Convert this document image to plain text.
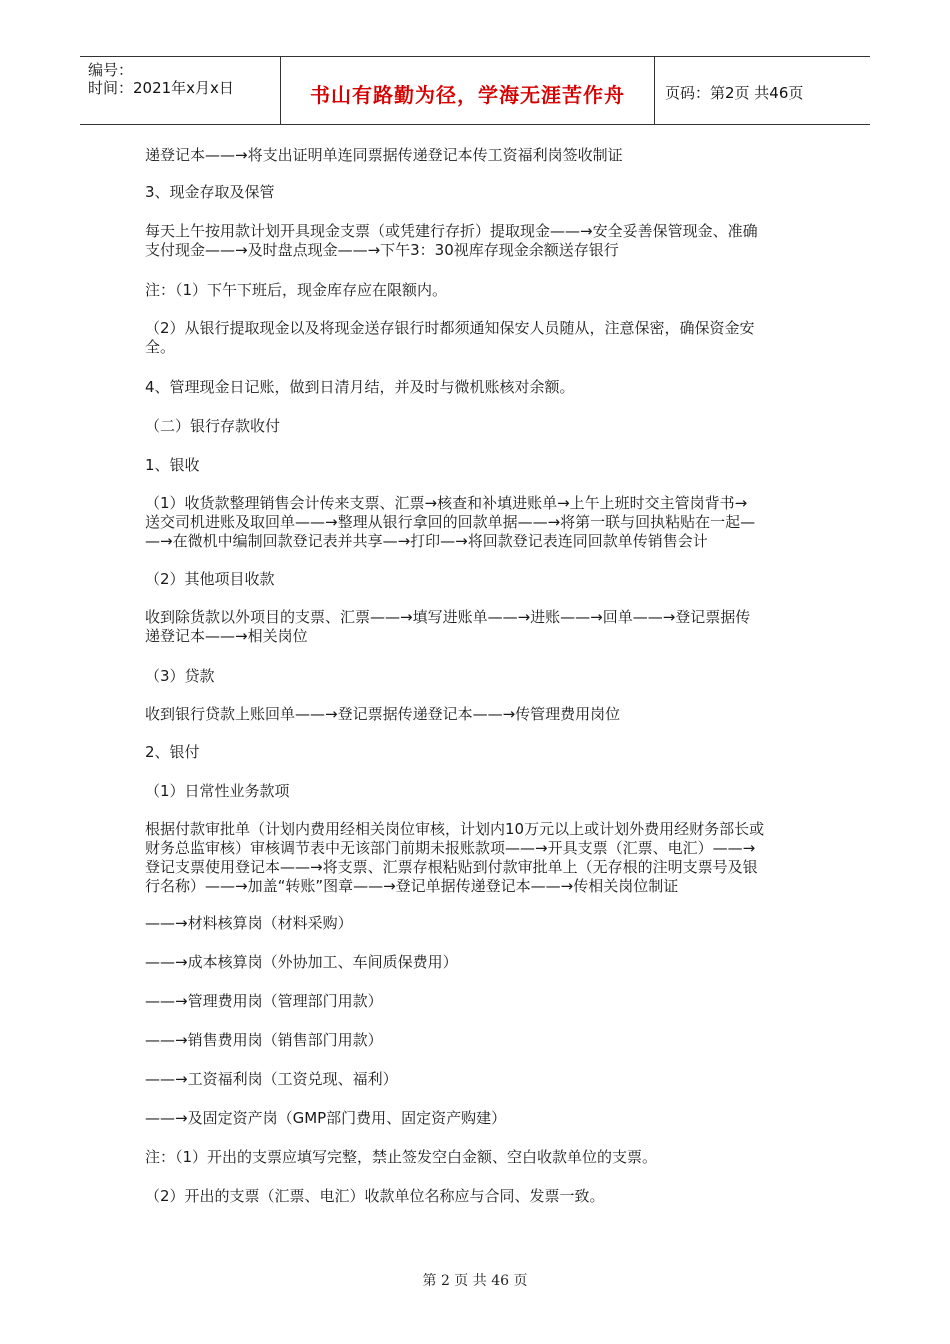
编号：
时间：2021年x月x日	书山有路勤为径，学海无涯苦作舟	页码：第2页 共46页
递登记本——→将支出证明单连同票据传递登记本传工资福利岗签收制证
3、现金存取及保管
每天上午按用款计划开具现金支票（或凭建行存折）提取现金——→安全妥善保管现金、准确
支付现金——→及时盘点现金——→下午3：30视库存现金余额送存银行
注：（1）下午下班后，现金库存应在限额内。
（2）从银行提取现金以及将现金送存银行时都须通知保安人员随从，注意保密，确保资金安
全。
4、管理现金日记账，做到日清月结，并及时与微机账核对余额。
（二）银行存款收付
1、银收
（1）收货款整理销售会计传来支票、汇票→核查和补填进账单→上午上班时交主管岗背书→
送交司机进账及取回单——→整理从银行拿回的回款单据——→将第一联与回执粘贴在一起—
—→在微机中编制回款登记表并共享—→打印—→将回款登记表连同回款单传销售会计
（2）其他项目收款
收到除货款以外项目的支票、汇票——→填写进账单——→进账——→回单——→登记票据传
递登记本——→相关岗位
（3）贷款
收到银行贷款上账回单——→登记票据传递登记本——→传管理费用岗位
2、银付
（1）日常性业务款项
根据付款审批单（计划内费用经相关岗位审核，计划内10万元以上或计划外费用经财务部长或
财务总监审核）审核调节表中无该部门前期未报账款项——→开具支票（汇票、电汇）——→
登记支票使用登记本——→将支票、汇票存根粘贴到付款审批单上（无存根的注明支票号及银
行名称）——→加盖“转账”图章——→登记单据传递登记本——→传相关岗位制证
——→材料核算岗（材料采购）
——→成本核算岗（外协加工、车间质保费用）
——→管理费用岗（管理部门用款）
——→销售费用岗（销售部门用款）
——→工资福利岗（工资兑现、福利）
——→及固定资产岗（GMP部门费用、固定资产购建）
注：（1）开出的支票应填写完整，禁止签发空白金额、空白收款单位的支票。
（2）开出的支票（汇票、电汇）收款单位名称应与合同、发票一致。
第 2 页 共 46 页
